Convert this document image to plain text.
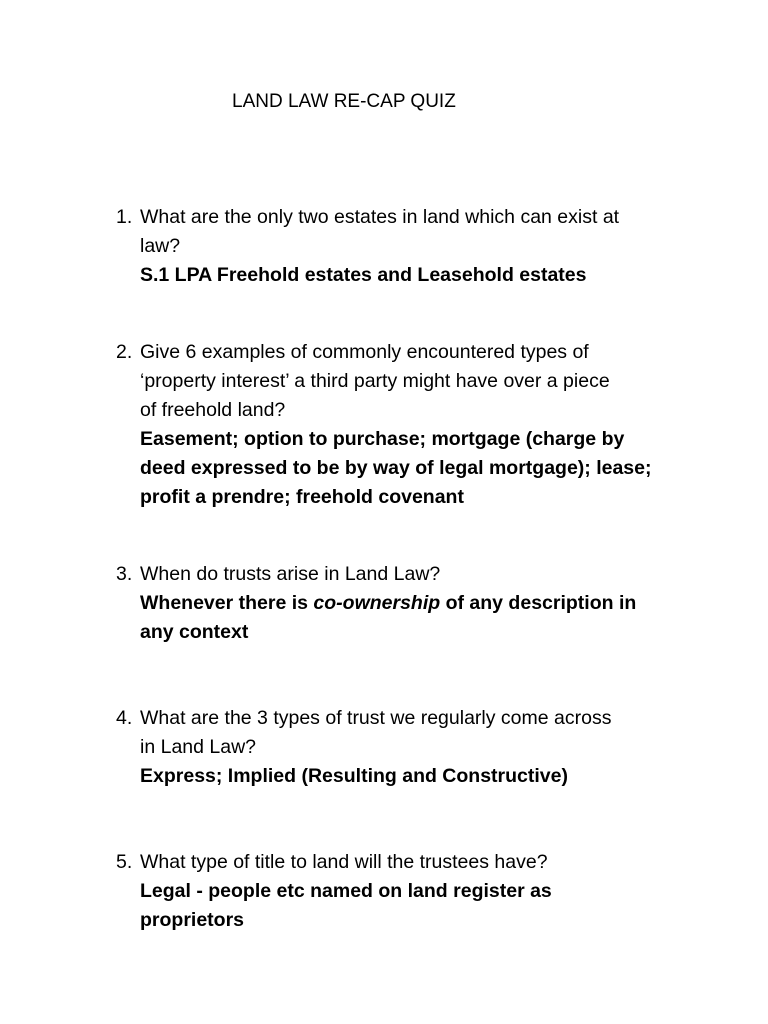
LAND LAW RE-CAP QUIZ
1. What are the only two estates in land which can exist at
law?
S.1 LPA Freehold estates and Leasehold estates
2. Give 6 examples of commonly encountered types of
‘property interest’ a third party might have over a piece
of freehold land?
Easement; option to purchase; mortgage (charge by
deed expressed to be by way of legal mortgage); lease;
profit a prendre; freehold covenant
3. When do trusts arise in Land Law?
Whenever there is co-ownership of any description in
any context
4. What are the 3 types of trust we regularly come across
in Land Law?
Express; Implied (Resulting and Constructive)
5. What type of title to land will the trustees have?
Legal - people etc named on land register as
proprietors
